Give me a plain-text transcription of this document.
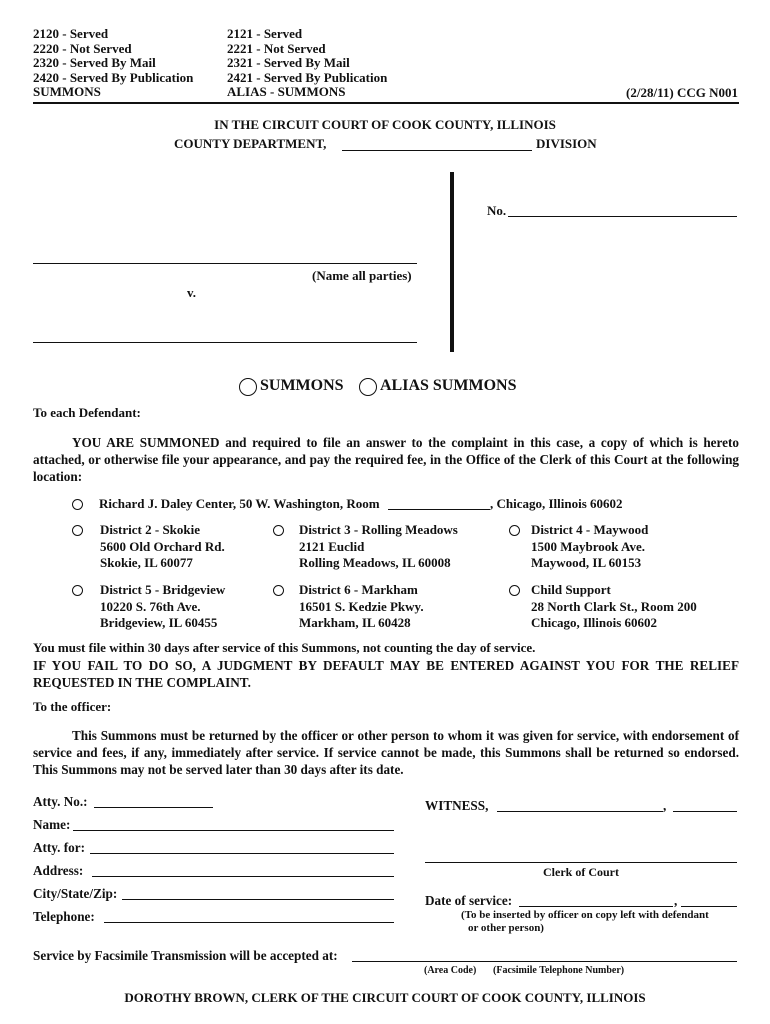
2120 - Served
2220 - Not Served
2320 - Served By Mail
2420 - Served By Publication
SUMMONS
2121 - Served
2221 - Not Served
2321 - Served By Mail
2421 - Served By Publication
ALIAS - SUMMONS	(2/28/11) CCG N001
IN THE CIRCUIT COURT OF COOK COUNTY, ILLINOIS
COUNTY DEPARTMENT,	DIVISION
No.
(Name all parties)
v.
SUMMONS ALIAS SUMMONS
To each Defendant:
YOU ARE SUMMONED and required to file an answer to the complaint in this case, a copy of which is hereto attached, or otherwise file your appearance, and pay the required fee, in the Office of the Clerk of this Court at the following location:
Richard J. Daley Center, 50 W. Washington, Room	, Chicago, Illinois 60602
District 2 - Skokie
5600 Old Orchard Rd.
Skokie, IL 60077
District 3 - Rolling Meadows
2121 Euclid
Rolling Meadows, IL 60008
District 4 - Maywood
1500 Maybrook Ave.
Maywood, IL 60153
District 5 - Bridgeview
10220 S. 76th Ave.
Bridgeview, IL 60455
District 6 - Markham
16501 S. Kedzie Pkwy.
Markham, IL 60428
Child Support
28 North Clark St., Room 200
Chicago, Illinois 60602
You must file within 30 days after service of this Summons, not counting the day of service.
IF YOU FAIL TO DO SO, A JUDGMENT BY DEFAULT MAY BE ENTERED AGAINST YOU FOR THE RELIEF REQUESTED IN THE COMPLAINT.
To the officer:
This Summons must be returned by the officer or other person to whom it was given for service, with endorsement of service and fees, if any, immediately after service. If service cannot be made, this Summons shall be returned so endorsed. This Summons may not be served later than 30 days after its date.
Atty. No.:
Name:
Atty. for:
Address:
City/State/Zip:
Telephone:
WITNESS,	,
Clerk of Court
Date of service:	,
(To be inserted by officer on copy left with defendant
or other person)
Service by Facsimile Transmission will be accepted at:
(Area Code) (Facsimile Telephone Number)
DOROTHY BROWN, CLERK OF THE CIRCUIT COURT OF COOK COUNTY, ILLINOIS
